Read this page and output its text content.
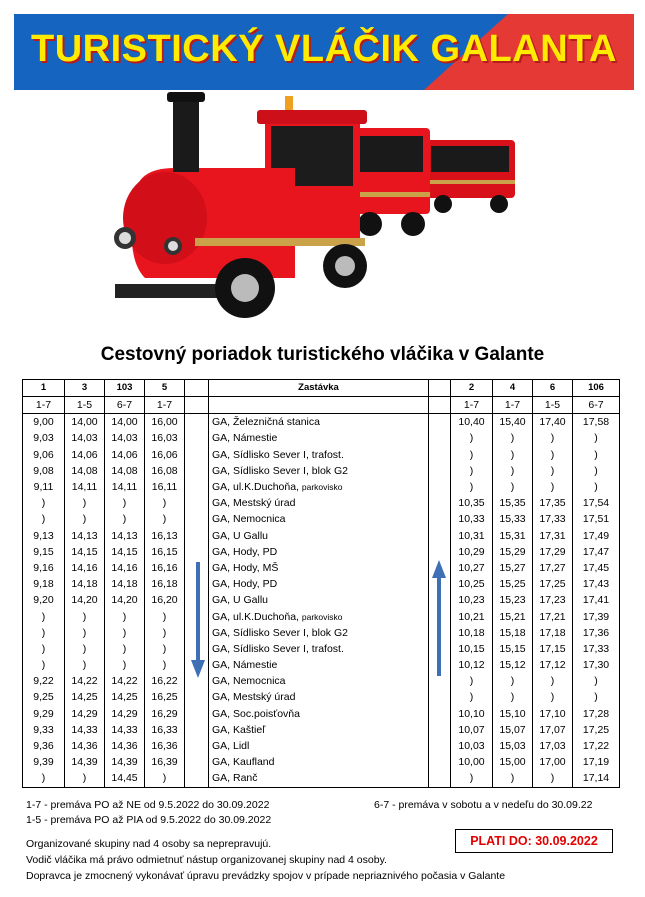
TURISTICKÝ VLÁČIK GALANTA
Cestovný poriadok turistického vláčika v Galante
1	3	103	5		Zastávka		2	4	6	106
1-7	1-5	6-7	1-7				1-7	1-7	1-5	6-7
9,00	14,00	14,00	16,00		GA, Železničná stanica		10,40	15,40	17,40	17,58
9,03	14,03	14,03	16,03		GA, Námestie		)	)	)	)
9,06	14,06	14,06	16,06		GA, Sídlisko Sever I, trafost.		)	)	)	)
9,08	14,08	14,08	16,08		GA, Sídlisko Sever I, blok G2		)	)	)	)
9,11	14,11	14,11	16,11		GA, ul.K.Duchoňa, parkovisko		)	)	)	)
)	)	)	)		GA, Mestský úrad		10,35	15,35	17,35	17,54
)	)	)	)		GA, Nemocnica		10,33	15,33	17,33	17,51
9,13	14,13	14,13	16,13		GA, U Gallu		10,31	15,31	17,31	17,49
9,15	14,15	14,15	16,15		GA, Hody, PD		10,29	15,29	17,29	17,47
9,16	14,16	14,16	16,16		GA, Hody, MŠ		10,27	15,27	17,27	17,45
9,18	14,18	14,18	16,18		GA, Hody, PD		10,25	15,25	17,25	17,43
9,20	14,20	14,20	16,20		GA, U Gallu		10,23	15,23	17,23	17,41
)	)	)	)		GA, ul.K.Duchoňa, parkovisko		10,21	15,21	17,21	17,39
)	)	)	)		GA, Sídlisko Sever I, blok G2		10,18	15,18	17,18	17,36
)	)	)	)		GA, Sídlisko Sever I, trafost.		10,15	15,15	17,15	17,33
)	)	)	)		GA, Námestie		10,12	15,12	17,12	17,30
9,22	14,22	14,22	16,22		GA, Nemocnica		)	)	)	)
9,25	14,25	14,25	16,25		GA, Mestský úrad		)	)	)	)
9,29	14,29	14,29	16,29		GA, Soc.poisťovňa		10,10	15,10	17,10	17,28
9,33	14,33	14,33	16,33		GA, Kaštieľ		10,07	15,07	17,07	17,25
9,36	14,36	14,36	16,36		GA, Lidl		10,03	15,03	17,03	17,22
9,39	14,39	14,39	16,39		GA, Kaufland		10,00	15,00	17,00	17,19
)	)	14,45	)		GA, Ranč		)	)	)	17,14
1-7 - premáva PO až NE od 9.5.2022 do 30.09.2022
1-5 - premáva PO až PIA od 9.5.2022 do 30.09.2022
6-7 - premáva v sobotu a v nedeľu do 30.09.22
Organizované skupiny nad 4 osoby sa neprepravujú.
Vodič vláčika má právo odmietnuť nástup organizovanej skupiny nad 4 osoby.
Dopravca je zmocnený vykonávať úpravu prevádzky spojov v prípade nepriaznivého počasia v Galante
PLATI DO: 30.09.2022
